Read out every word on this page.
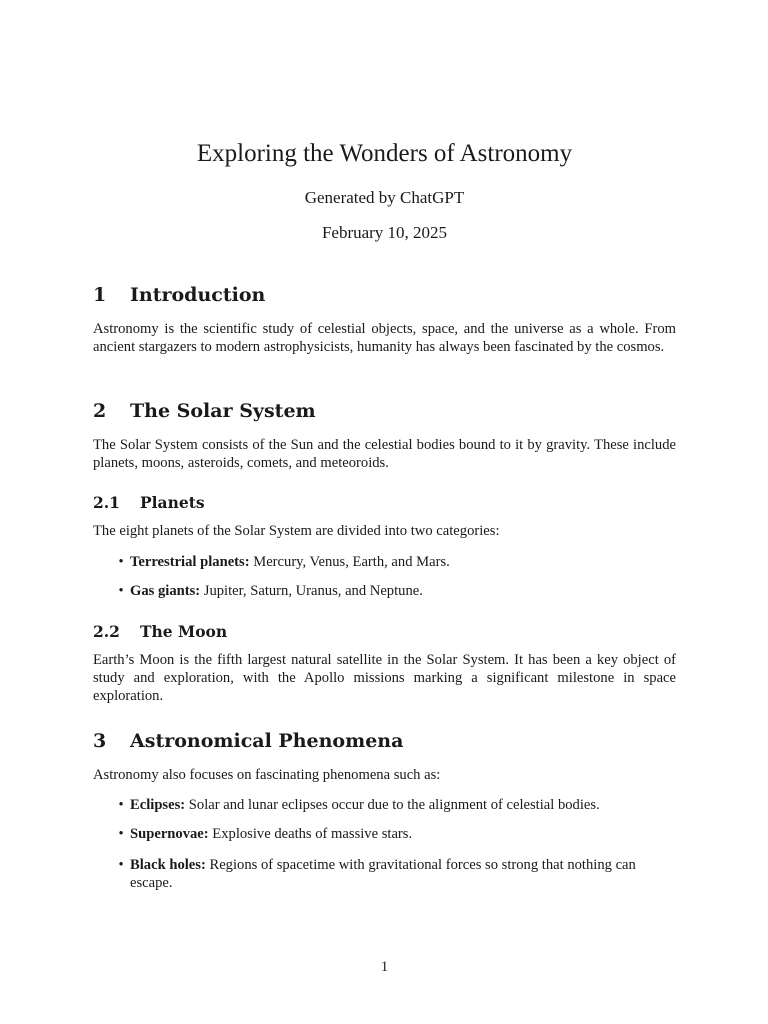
Exploring the Wonders of Astronomy

Generated by ChatGPT

February 10, 2025

1 Introduction

Astronomy is the scientific study of celestial objects, space, and the universe as a whole. From ancient stargazers to modern astrophysicists, humanity has always been fascinated by the cosmos.

2 The Solar System

The Solar System consists of the Sun and the celestial bodies bound to it by gravity. These include planets, moons, asteroids, comets, and meteoroids.

2.1 Planets

The eight planets of the Solar System are divided into two categories:

• Terrestrial planets: Mercury, Venus, Earth, and Mars.
• Gas giants: Jupiter, Saturn, Uranus, and Neptune.
2.2 The Moon

Earth’s Moon is the fifth largest natural satellite in the Solar System. It has been a key object of study and exploration, with the Apollo missions marking a significant milestone in space exploration.

3 Astronomical Phenomena

Astronomy also focuses on fascinating phenomena such as:

• Eclipses: Solar and lunar eclipses occur due to the alignment of celestial bodies.
• Supernovae: Explosive deaths of massive stars.
• Black holes: Regions of spacetime with gravitational forces so strong that nothing can escape.

1
